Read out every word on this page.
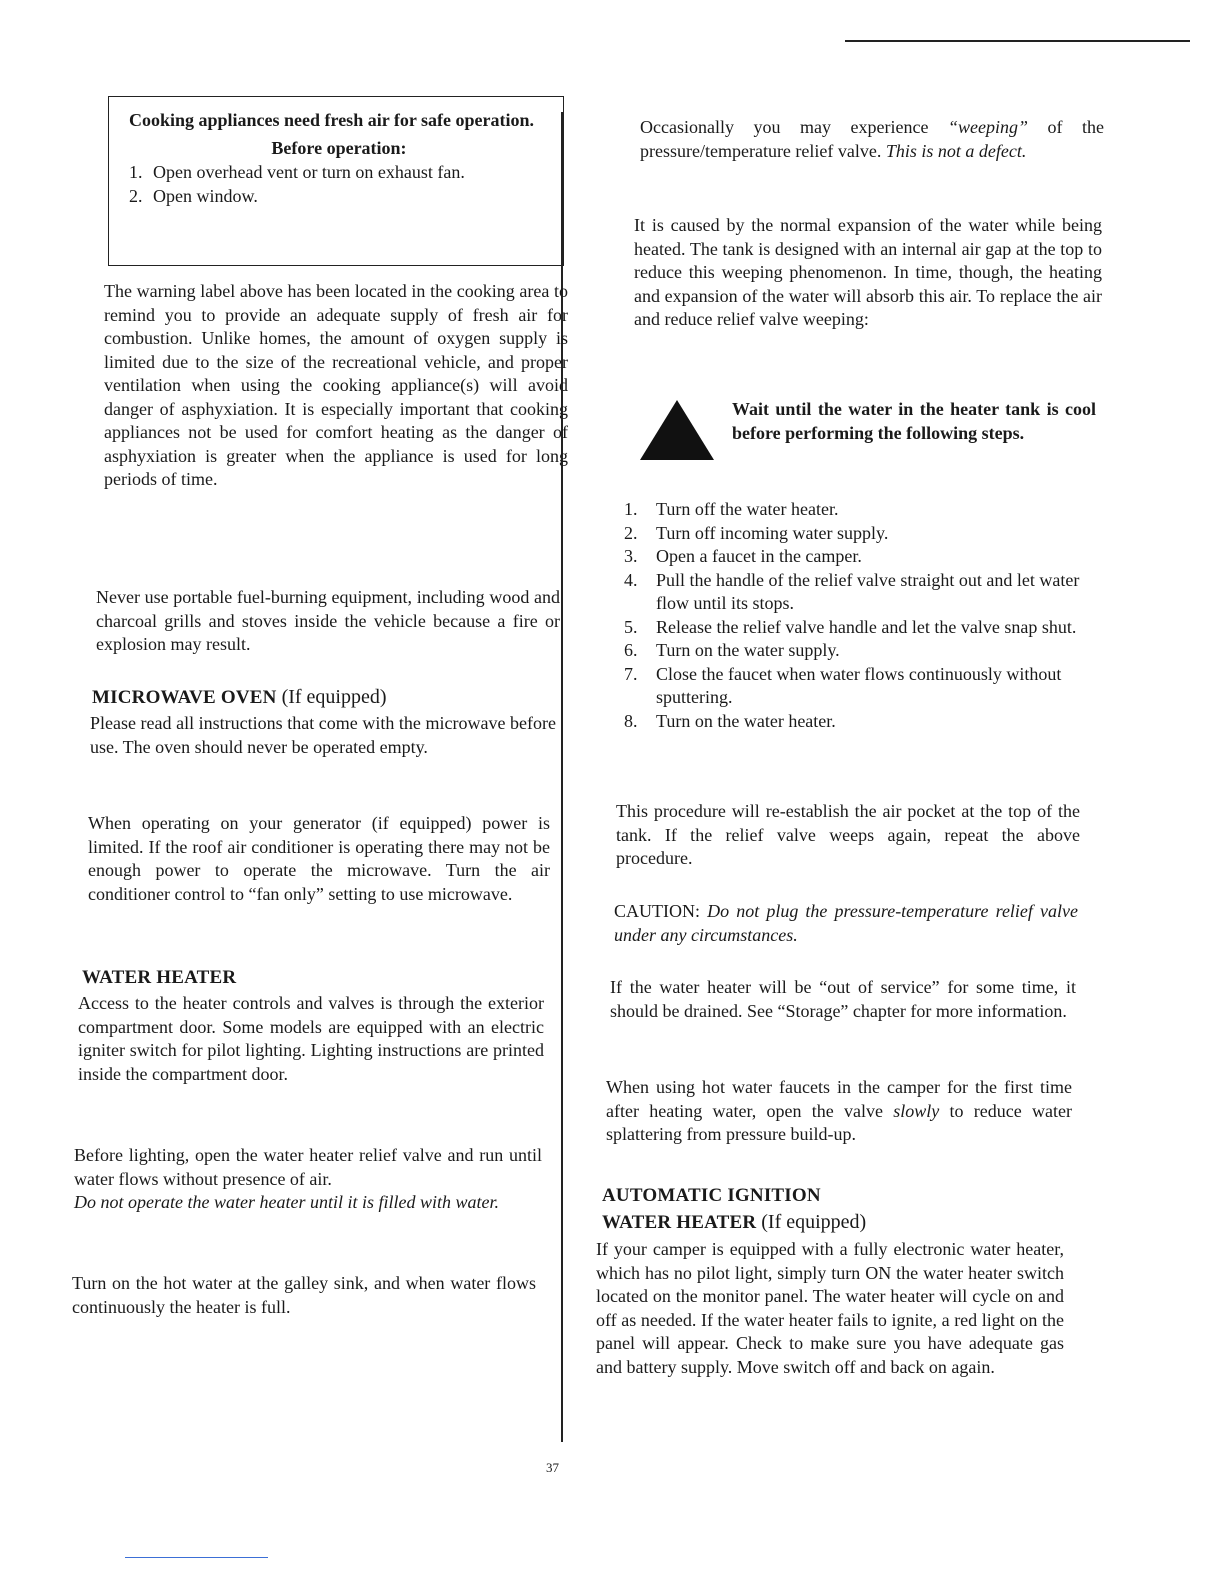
Cooking appliances need fresh air for safe operation.
Before operation:
1. Open overhead vent or turn on exhaust fan.
2. Open window.

The warning label above has been located in the cooking area to remind you to provide an adequate supply of fresh air for combustion. Unlike homes, the amount of oxygen supply is limited due to the size of the recreational vehicle, and proper ventilation when using the cooking appliance(s) will avoid danger of asphyxiation. It is especially important that cooking appliances not be used for comfort heating as the danger of asphyxiation is greater when the appliance is used for long periods of time.

Never use portable fuel-burning equipment, including wood and charcoal grills and stoves inside the vehicle because a fire or explosion may result.

MICROWAVE OVEN (If equipped)

Please read all instructions that come with the microwave before use. The oven should never be operated empty.

When operating on your generator (if equipped) power is limited. If the roof air conditioner is operating there may not be enough power to operate the microwave. Turn the air conditioner control to “fan only” setting to use microwave.

WATER HEATER

Access to the heater controls and valves is through the exterior compartment door. Some models are equipped with an electric igniter switch for pilot lighting. Lighting instructions are printed inside the compartment door.

Before lighting, open the water heater relief valve and run until water flows without presence of air.

Do not operate the water heater until it is filled with water.

Turn on the hot water at the galley sink, and when water flows continuously the heater is full.

Occasionally you may experience “weeping” of the pressure/temperature relief valve. This is not a defect.

It is caused by the normal expansion of the water while being heated. The tank is designed with an internal air gap at the top to reduce this weeping phenomenon. In time, though, the heating and expansion of the water will absorb this air. To replace the air and reduce relief valve weeping:

Wait until the water in the heater tank is cool before performing the following steps.

1. Turn off the water heater.
2. Turn off incoming water supply.
3. Open a faucet in the camper.
4. Pull the handle of the relief valve straight out and let water flow until its stops.
5. Release the relief valve handle and let the valve snap shut.
6. Turn on the water supply.
7. Close the faucet when water flows continuously without sputtering.
8. Turn on the water heater.

This procedure will re-establish the air pocket at the top of the tank. If the relief valve weeps again, repeat the above procedure.

CAUTION: Do not plug the pressure-temperature relief valve under any circumstances.

If the water heater will be “out of service” for some time, it should be drained. See “Storage” chapter for more information.

When using hot water faucets in the camper for the first time after heating water, open the valve slowly to reduce water splattering from pressure build-up.

AUTOMATIC IGNITION
WATER HEATER (If equipped)

If your camper is equipped with a fully electronic water heater, which has no pilot light, simply turn ON the water heater switch located on the monitor panel. The water heater will cycle on and off as needed. If the water heater fails to ignite, a red light on the panel will appear. Check to make sure you have adequate gas and battery supply. Move switch off and back on again.

37
